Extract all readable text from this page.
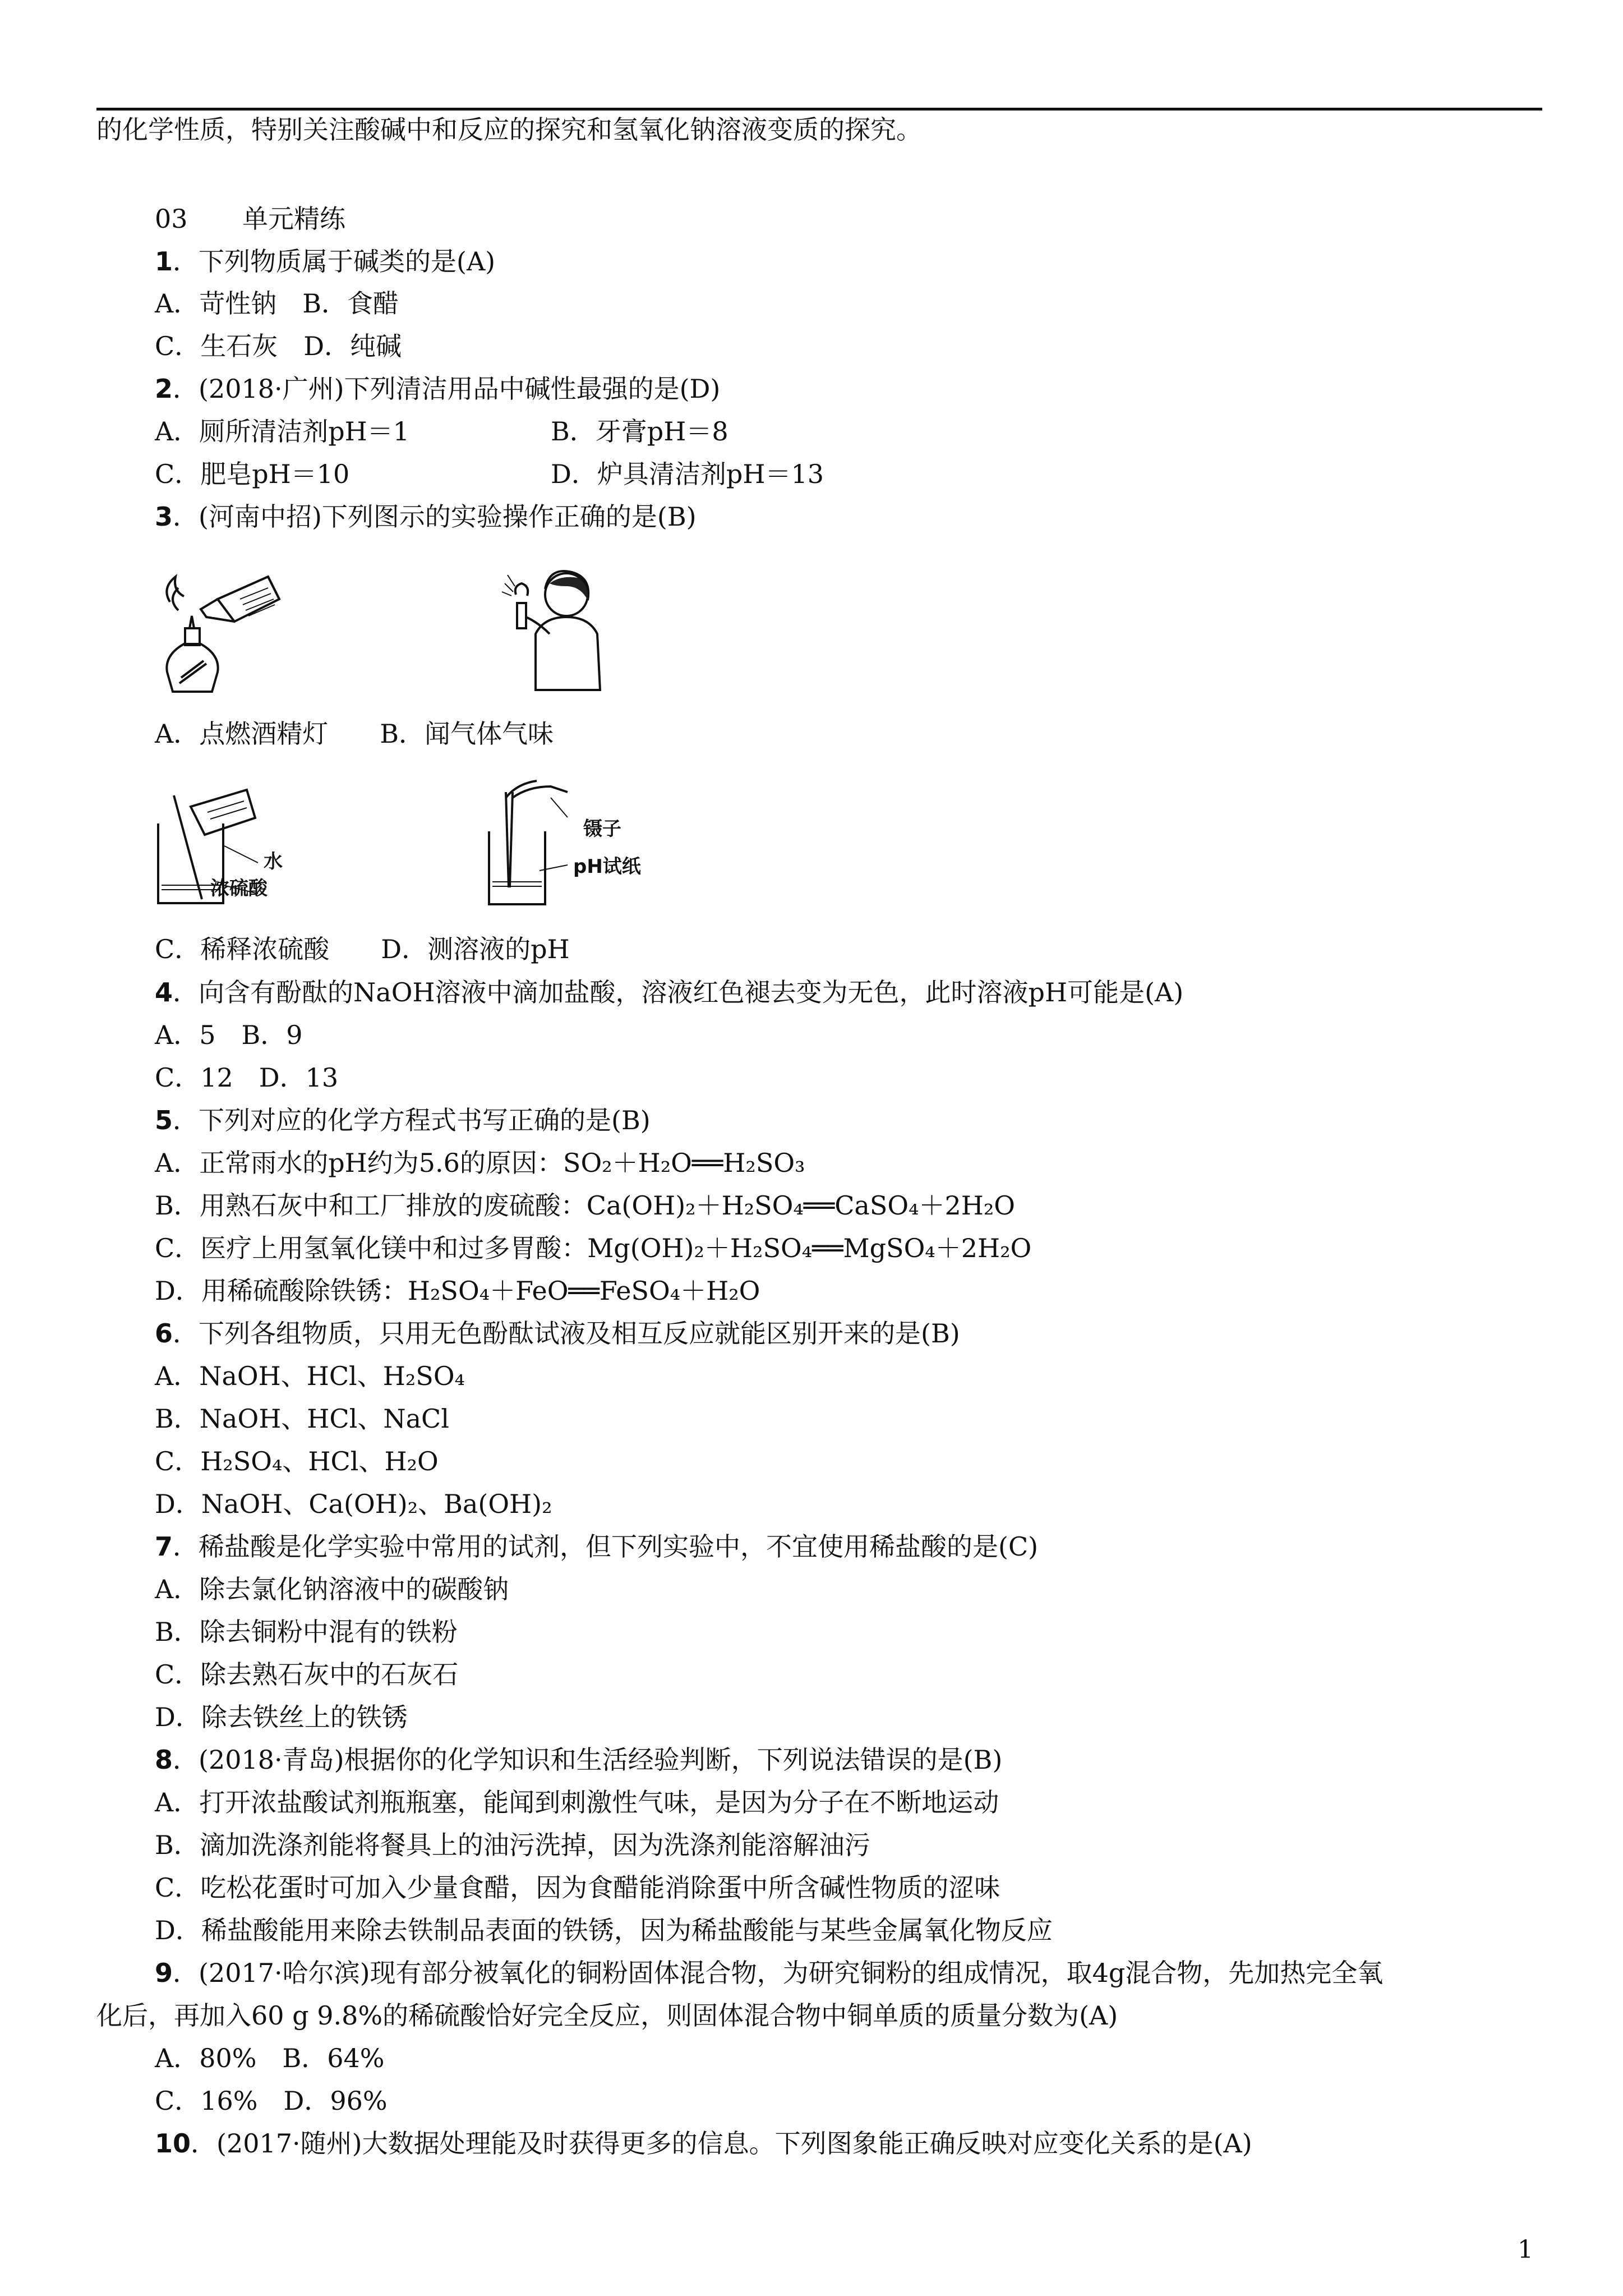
的化学性质，特别关注酸碱中和反应的探究和氢氧化钠溶液变质的探究。
03 单元精练
1．下列物质属于碱类的是(A)
A．苛性钠　B．食醋
C．生石灰　D．纯碱
2．(2018·广州)下列清洁用品中碱性最强的是(D)
A．厕所清洁剂pH＝1	B．牙膏pH＝8
C．肥皂pH＝10	D．炉具清洁剂pH＝13
3．(河南中招)下列图示的实验操作正确的是(B)
A．点燃酒精灯　　B．闻气体气味
水
浓硫酸
镊子
pH试纸
C．稀释浓硫酸　　D．测溶液的pH
4．向含有酚酞的NaOH溶液中滴加盐酸，溶液红色褪去变为无色，此时溶液pH可能是(A)
A．5　B．9
C．12　D．13
5．下列对应的化学方程式书写正确的是(B)
A．正常雨水的pH约为5.6的原因：SO₂＋H₂O══H₂SO₃
B．用熟石灰中和工厂排放的废硫酸：Ca(OH)₂＋H₂SO₄══CaSO₄＋2H₂O
C．医疗上用氢氧化镁中和过多胃酸：Mg(OH)₂＋H₂SO₄══MgSO₄＋2H₂O
D．用稀硫酸除铁锈：H₂SO₄＋FeO══FeSO₄＋H₂O
6．下列各组物质，只用无色酚酞试液及相互反应就能区别开来的是(B)
A．NaOH、HCl、H₂SO₄
B．NaOH、HCl、NaCl
C．H₂SO₄、HCl、H₂O
D．NaOH、Ca(OH)₂、Ba(OH)₂
7．稀盐酸是化学实验中常用的试剂，但下列实验中，不宜使用稀盐酸的是(C)
A．除去氯化钠溶液中的碳酸钠
B．除去铜粉中混有的铁粉
C．除去熟石灰中的石灰石
D．除去铁丝上的铁锈
8．(2018·青岛)根据你的化学知识和生活经验判断，下列说法错误的是(B)
A．打开浓盐酸试剂瓶瓶塞，能闻到刺激性气味，是因为分子在不断地运动
B．滴加洗涤剂能将餐具上的油污洗掉，因为洗涤剂能溶解油污
C．吃松花蛋时可加入少量食醋，因为食醋能消除蛋中所含碱性物质的涩味
D．稀盐酸能用来除去铁制品表面的铁锈，因为稀盐酸能与某些金属氧化物反应
9．(2017·哈尔滨)现有部分被氧化的铜粉固体混合物，为研究铜粉的组成情况，取4g混合物，先加热完全氧
化后，再加入60 g 9.8%的稀硫酸恰好完全反应，则固体混合物中铜单质的质量分数为(A)
A．80%　B．64%
C．16%　D．96%
10．(2017·随州)大数据处理能及时获得更多的信息。下列图象能正确反映对应变化关系的是(A)
1
